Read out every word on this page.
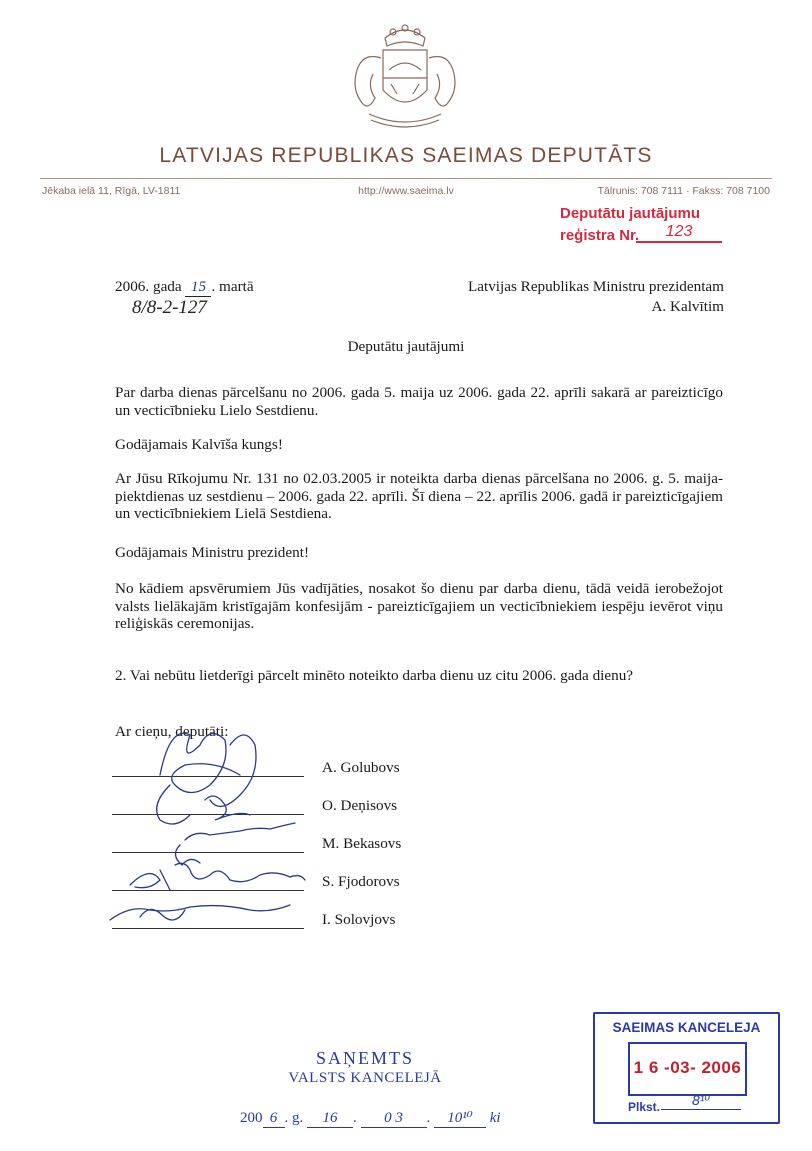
LATVIJAS REPUBLIKAS SAEIMAS DEPUTĀTS
Jēkaba ielā 11, Rīgā, LV-1811	http://www.saeima.lv	Tālrunis: 708 7111 · Fakss: 708 7100
Deputātu jautājumu
reģistra Nr.	123
2006. gada 15 . martā
8/8-2-127
Latvijas Republikas Ministru prezidentam
A. Kalvītim
Deputātu jautājumi
Par darba dienas pārcelšanu no 2006. gada 5. maija uz 2006. gada 22. aprīli sakarā ar pareizticīgo un vecticībnieku Lielo Sestdienu.
Godājamais Kalvīša kungs!
Ar Jūsu Rīkojumu Nr. 131 no 02.03.2005 ir noteikta darba dienas pārcelšana no 2006. g. 5. maija-piektdienas uz sestdienu – 2006. gada 22. aprīli. Šī diena – 22. aprīlis 2006. gadā ir pareizticīgajiem un vecticībniekiem Lielā Sestdiena.
Godājamais Ministru prezident!
No kādiem apsvērumiem Jūs vadījāties, nosakot šo dienu par darba dienu, tādā veidā ierobežojot valsts lielākajām kristīgajām konfesijām - pareizticīgajiem un vecticībniekiem iespēju ievērot viņu reliģiskās ceremonijas.
2. Vai nebūtu lietderīgi pārcelt minēto noteikto darba dienu uz citu 2006. gada dienu?
Ar cieņu, deputāti:
A. Golubovs
O. Deņisovs
M. Bekasovs
S. Fjodorovs
I. Solovjovs
SAŅEMTS
VALSTS KANCELEJĀ
200 6 . g. 16 . 0 3 . 10¹⁰ ki
SAEIMAS KANCELEJA
1 6 -03- 2006
Plkst.	8¹⁰
